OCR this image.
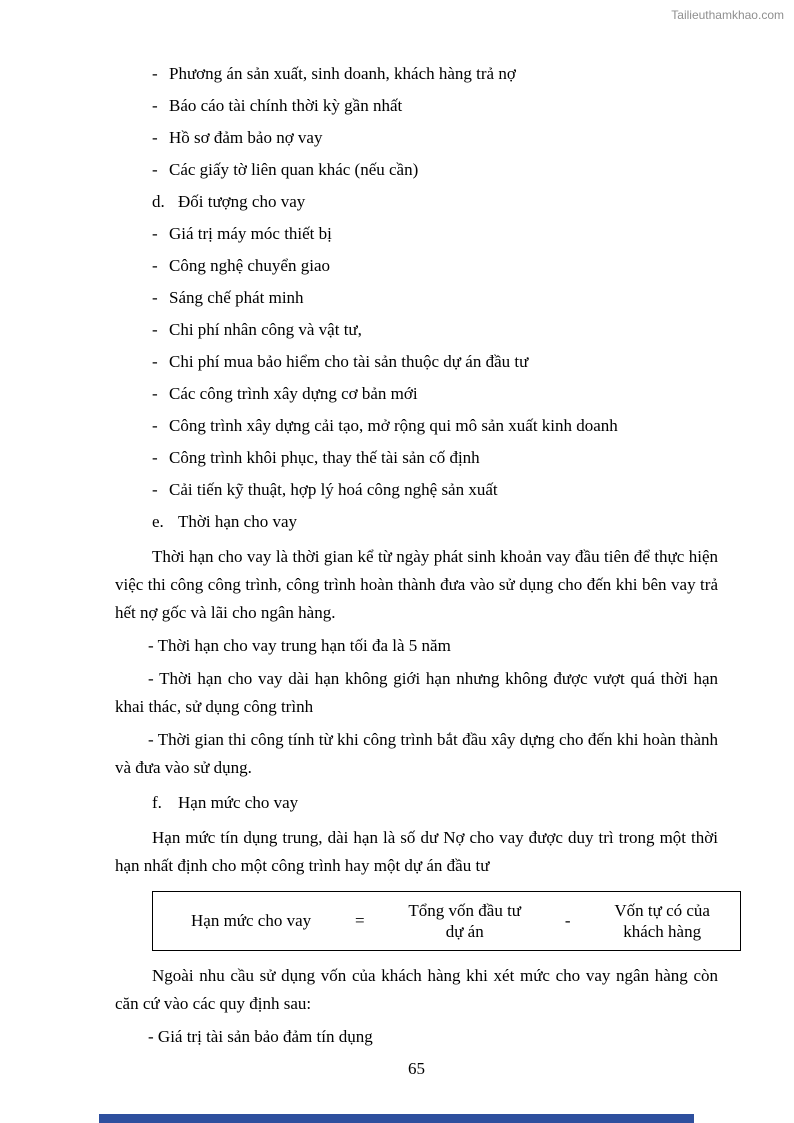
Tailieuthamkhao.com
- Phương án sản xuất, sinh doanh, khách hàng trả nợ
- Báo cáo tài chính thời kỳ gần nhất
- Hồ sơ đảm bảo nợ vay
- Các giấy tờ liên quan khác (nếu cần)
d. Đối tượng cho vay
- Giá trị máy móc thiết bị
- Công nghệ chuyển giao
- Sáng chế phát minh
- Chi phí nhân công và vật tư,
- Chi phí mua bảo hiểm cho tài sản thuộc dự án đầu tư
- Các công trình xây dựng cơ bản mới
- Công trình xây dựng cải tạo, mở rộng qui mô sản xuất kinh doanh
- Công trình khôi phục, thay thế tài sản cố định
- Cải tiến kỹ thuật, hợp lý hoá công nghệ sản xuất
e. Thời hạn cho vay
Thời hạn cho vay là thời gian kể từ ngày phát sinh khoản vay đầu tiên để thực hiện việc thi công công trình, công trình hoàn thành đưa vào sử dụng cho đến khi bên vay trả hết nợ gốc và lãi cho ngân hàng.
- Thời hạn cho vay trung hạn tối đa là 5 năm
- Thời hạn cho vay dài hạn không giới hạn nhưng không được vượt quá thời hạn khai thác, sử dụng công trình
- Thời gian thi công tính từ khi công trình bắt đầu xây dựng cho đến khi hoàn thành và đưa vào sử dụng.
f. Hạn mức cho vay
Hạn mức tín dụng trung, dài hạn là số dư Nợ cho vay được duy trì trong một thời hạn nhất định cho một công trình hay một dự án đầu tư
Hạn mức cho vay	=
Tổng vốn đầu tư
dự án
-
Vốn tự có của
khách hàng
Ngoài nhu cầu sử dụng vốn của khách hàng khi xét mức cho vay ngân hàng còn căn cứ vào các quy định sau:
- Giá trị tài sản bảo đảm tín dụng
65
